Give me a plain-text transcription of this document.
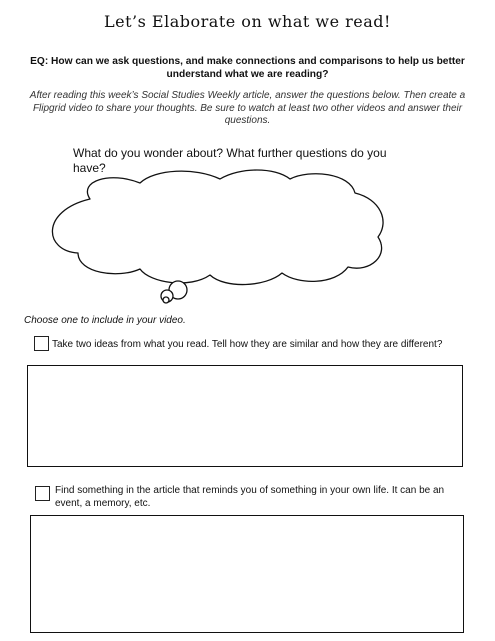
Let’s Elaborate on what we read!
EQ: How can we ask questions, and make connections and comparisons to help us better understand what we are reading?
After reading this week’s Social Studies Weekly article, answer the questions below. Then create a Flipgrid video to share your thoughts. Be sure to watch at least two other videos and answer their questions.
What do you wonder about? What further questions do you have?
Choose one to include in your video.
Take two ideas from what you read. Tell how they are similar and how they are different?
Find something in the article that reminds you of something in your own life. It can be an event, a memory, etc.
